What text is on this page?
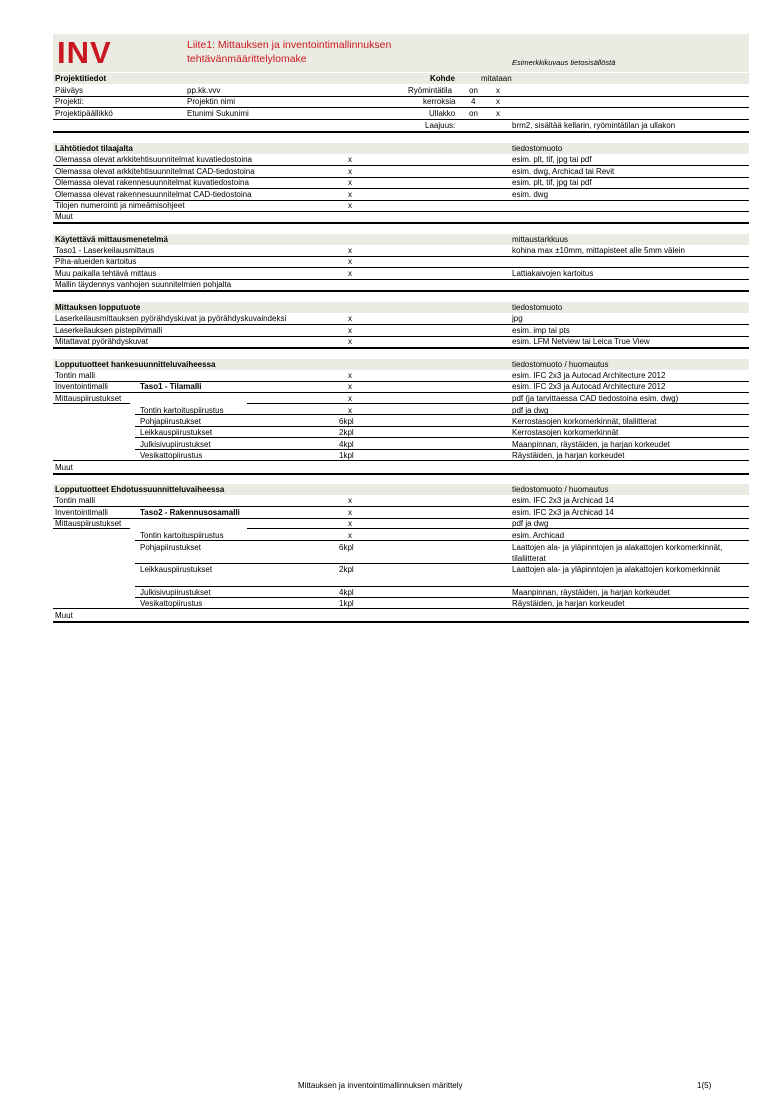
INV	Liite1: Mittauksen ja inventointimallinnuksen
tehtävänmäärittelylomake	Esimerkkikuvaus tietosisällöstä
Projektitiedot	Kohde	mitataan
Päiväys	pp.kk.vvv	Ryömintätila on x
Projekti:	Projektin nimi	kerroksia 4	x
Projektipäällikkö	Etunimi Sukunimi	Ullakko on x
Laajuus:	brm2, sisältää kellarin, ryömintätilan ja ullakon
Lähtötiedot tilaajalta	tiedostomuoto
Olemassa olevat arkkitehtisuunnitelmat kuvatiedostoina	x	esim. plt, tif, jpg tai pdf
Olemassa olevat arkkitehtisuunnitelmat CAD-tiedostoina	x	esim. dwg, Archicad tai Revit
Olemassa olevat rakennesuunnitelmat kuvatiedostoina	x	esim. plt, tif, jpg tai pdf
Olemassa olevat rakennesuunnitelmat CAD-tiedostoina	x	esim. dwg
Tilojen numerointi ja nimeämisohjeet	x
Muut
Käytettävä mittausmenetelmä	mittaustarkkuus
Taso1 - Laserkeilausmittaus	x	kohina max ±10mm, mittapisteet alle 5mm välein
Piha-alueiden kartoitus	x
Muu paikalla tehtävä mittaus	x	Lattiakaivojen kartoitus
Mallin täydennys vanhojen suunnitelmien pohjalta
Mittauksen lopputuote	tiedostomuoto
Laserkeilausmittauksen pyörähdyskuvat ja pyörähdyskuvaindeksi	x	jpg
Laserkeilauksen pistepilvimalli	x	esim. imp tai pts
Mitattavat pyörähdyskuvat	x	esim. LFM Netview tai Leica True View
Lopputuotteet hankesuunnitteluvaiheessa	tiedostomuoto / huomautus
Tontin malli	x	esim. IFC 2x3 ja Autocad Architecture 2012
Inventointimalli	Taso1 - Tilamalli	x	esim. IFC 2x3 ja Autocad Architecture 2012
Mittauspiirustukset	x	pdf (ja tarvittaessa CAD tiedostoina esim. dwg)
Tontin kartoituspiirustus	x	pdf ja dwg
Pohjapiirustukset	6kpl	Kerrostasojen korkomerkinnät, tilaliitterat
Leikkauspiirustukset	2kpl	Kerrostasojen korkomerkinnät
Julkisivupiirustukset	4kpl	Maanpinnan, räystäiden, ja harjan korkeudet
Vesikattopiirustus	1kpl	Räystäiden, ja harjan korkeudet
Muut
Lopputuotteet Ehdotussuunnitteluvaiheessa	tiedostomuoto / huomautus
Tontin malli	x	esim. IFC 2x3 ja Archicad 14
Inventointimalli	Taso2 - Rakennusosamalli	x	esim. IFC 2x3 ja Archicad 14
Mittauspiirustukset	x	pdf ja dwg
Tontin kartoituspiirustus	x	esim. Archicad
Pohjapiirustukset	6kpl	Laattojen ala- ja yläpinntojen ja alakattojen korkomerkinnät, tilaliitterat
Leikkauspiirustukset	2kpl	Laattojen ala- ja yläpinntojen ja alakattojen korkomerkinnät
Julkisivupiirustukset	4kpl	Maanpinnan, räystäiden, ja harjan korkeudet
Vesikattopiirustus	1kpl	Räystäiden, ja harjan korkeudet
Muut
Mittauksen ja inventointimallinnuksen märittely	1(5)
